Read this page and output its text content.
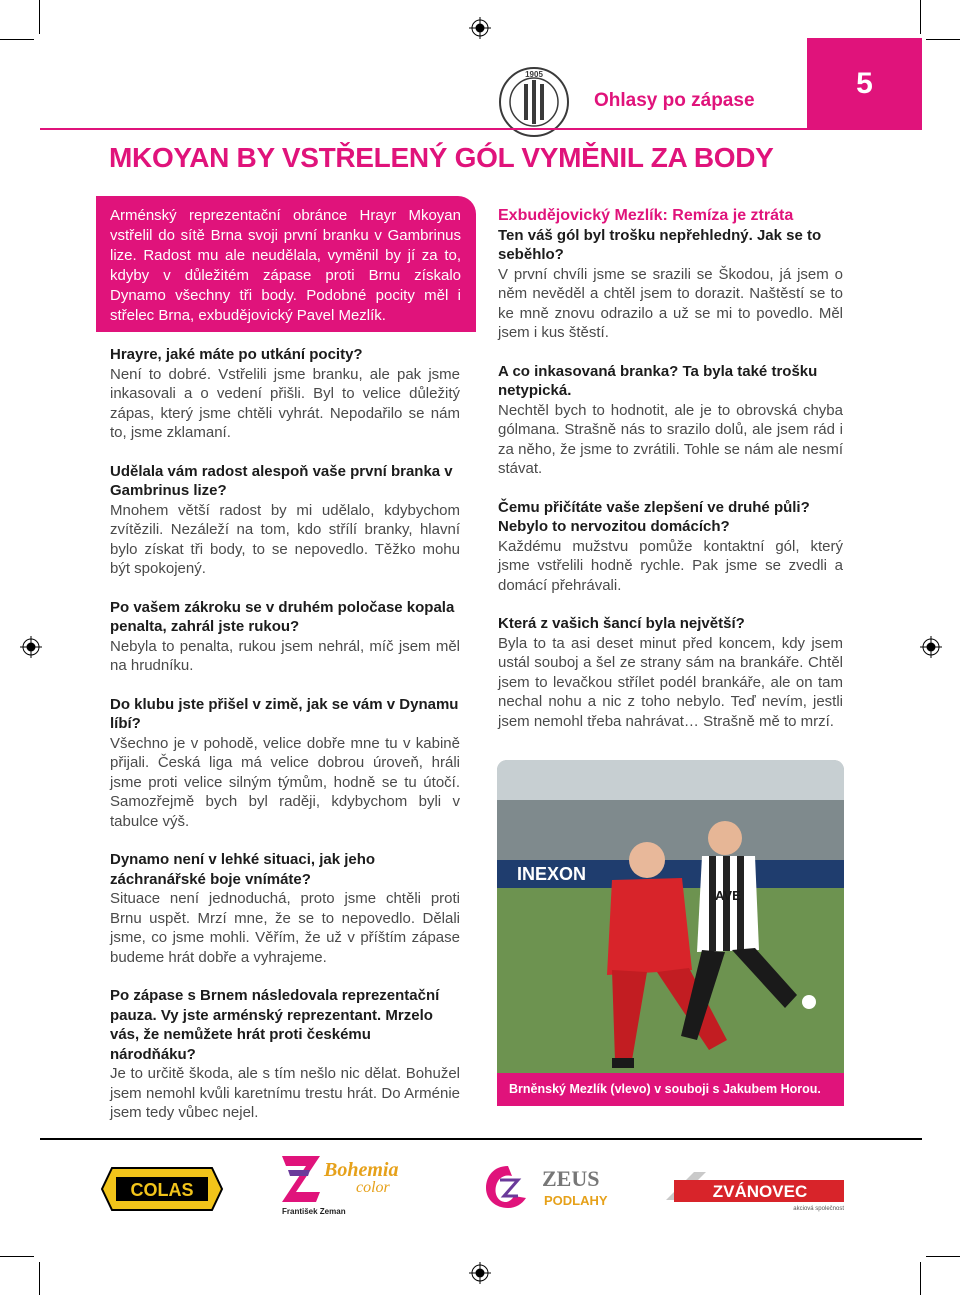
1905
Ohlasy po zápase
5
MKOYAN BY VSTŘELENÝ GÓL VYMĚNIL ZA BODY
Arménský reprezentační obránce Hrayr Mkoyan vstřelil do sítě Brna svoji první branku v Gambrinus lize. Radost mu ale neudělala, vyměnil by jí za to, kdyby v důležitém zápase proti Brnu získalo Dynamo všechny tři body. Podobné pocity měl i střelec Brna, exbudějovický Pavel Mezlík.
Hrayre, jaké máte po utkání pocity?
Není to dobré. Vstřelili jsme branku, ale pak jsme inkasovali a o vedení přišli. Byl to velice důležitý zápas, který jsme chtěli vyhrát. Nepodařilo se nám to, jsme zklamaní.
Udělala vám radost alespoň vaše první branka v Gambrinus lize?
Mnohem větší radost by mi udělalo, kdybychom zvítězili. Nezáleží na tom, kdo střílí branky, hlavní bylo získat tři body, to se nepovedlo. Těžko mohu být spokojený.
Po vašem zákroku se v druhém poločase kopala penalta, zahrál jste rukou?
Nebyla to penalta, rukou jsem nehrál, míč jsem měl na hrudníku.
Do klubu jste přišel v zimě, jak se vám v Dynamu líbí?
Všechno je v pohodě, velice dobře mne tu v kabině přijali. Česká liga má velice dobrou úroveň, hráli jsme proti velice silným týmům, hodně se tu útočí. Samozřejmě bych byl raději, kdybychom byli v tabulce výš.
Dynamo není v lehké situaci, jak jeho záchranářské boje vnímáte?
Situace není jednoduchá, proto jsme chtěli proti Brnu uspět. Mrzí mne, že se to nepovedlo. Dělali jsme, co jsme mohli. Věřím, že už v příštím zápase budeme hrát dobře a vyhrajeme.
Po zápase s Brnem následovala reprezentační pauza. Vy jste arménský reprezentant. Mrzelo vás, že nemůžete hrát proti českému národňáku?
Je to určitě škoda, ale s tím nešlo nic dělat. Bohužel jsem nemohl kvůli karetnímu trestu hrát. Do Arménie jsem tedy vůbec nejel.
Exbudějovický Mezlík: Remíza je ztráta
Ten váš gól byl trošku nepřehledný. Jak se to seběhlo?
V první chvíli jsme se srazili se Škodou, já jsem o něm nevěděl a chtěl jsem to dorazit. Naštěstí se to ke mně znovu odrazilo a už se mi to povedlo. Měl jsem i kus štěstí.
A co inkasovaná branka? Ta byla také trošku netypická.
Nechtěl bych to hodnotit, ale je to obrovská chyba gólmana. Strašně nás to srazilo dolů, ale jsem rád i za něho, že jsme to zvrátili. Tohle se nám ale nesmí stávat.
Čemu přičítáte vaše zlepšení ve druhé půli? Nebylo to nervozitou domácích?
Každému mužstvu pomůže kontaktní gól, který jsme vstřelili hodně rychle. Pak jsme se zvedli a domácí přehrávali.
Která z vašich šancí byla největší?
Byla to ta asi deset minut před koncem, kdy jsem ustál souboj a šel ze strany sám na brankáře. Chtěl jsem to levačkou střílet podél brankáře, ale on tam nechal nohu a nic z toho nebylo. Teď nevím, jestli jsem nemohl třeba nahrávat… Strašně mě to mrzí.
INEXON
AVE
Brněnský Mezlík (vlevo) v souboji s Jakubem Horou.
COLAS
Bohemia
color
František Zeman
ZEUS
PODLAHY	ZVÁNOVEC
akciová společnost
